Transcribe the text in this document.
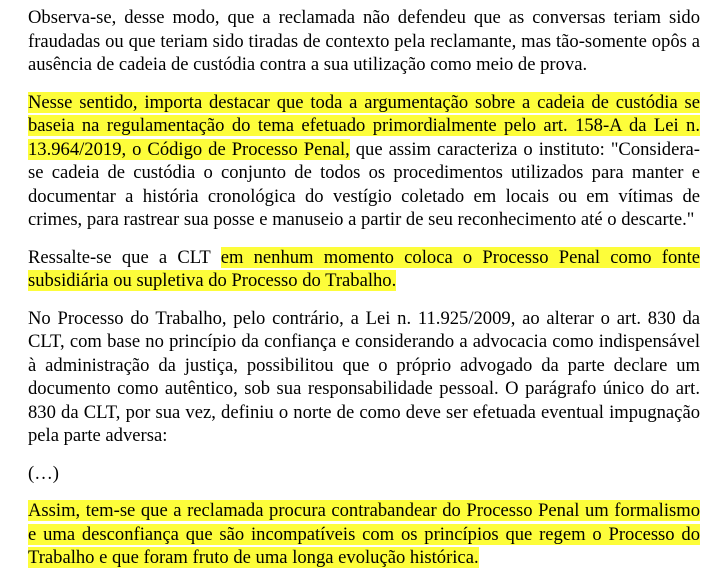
Observa-se, desse modo, que a reclamada não defendeu que as conversas teriam sido fraudadas ou que teriam sido tiradas de contexto pela reclamante, mas tão-somente opôs a ausência de cadeia de custódia contra a sua utilização como meio de prova.

Nesse sentido, importa destacar que toda a argumentação sobre a cadeia de custódia se baseia na regulamentação do tema efetuado primordialmente pelo art. 158-A da Lei n. 13.964/2019, o Código de Processo Penal, que assim caracteriza o instituto: "Considera-se cadeia de custódia o conjunto de todos os procedimentos utilizados para manter e documentar a história cronológica do vestígio coletado em locais ou em vítimas de crimes, para rastrear sua posse e manuseio a partir de seu reconhecimento até o descarte."

Ressalte-se que a CLT em nenhum momento coloca o Processo Penal como fonte subsidiária ou supletiva do Processo do Trabalho.

No Processo do Trabalho, pelo contrário, a Lei n. 11.925/2009, ao alterar o art. 830 da CLT, com base no princípio da confiança e considerando a advocacia como indispensável à administração da justiça, possibilitou que o próprio advogado da parte declare um documento como autêntico, sob sua responsabilidade pessoal. O parágrafo único do art. 830 da CLT, por sua vez, definiu o norte de como deve ser efetuada eventual impugnação pela parte adversa:

(…)

Assim, tem-se que a reclamada procura contrabandear do Processo Penal um formalismo e uma desconfiança que são incompatíveis com os princípios que regem o Processo do Trabalho e que foram fruto de uma longa evolução histórica.
